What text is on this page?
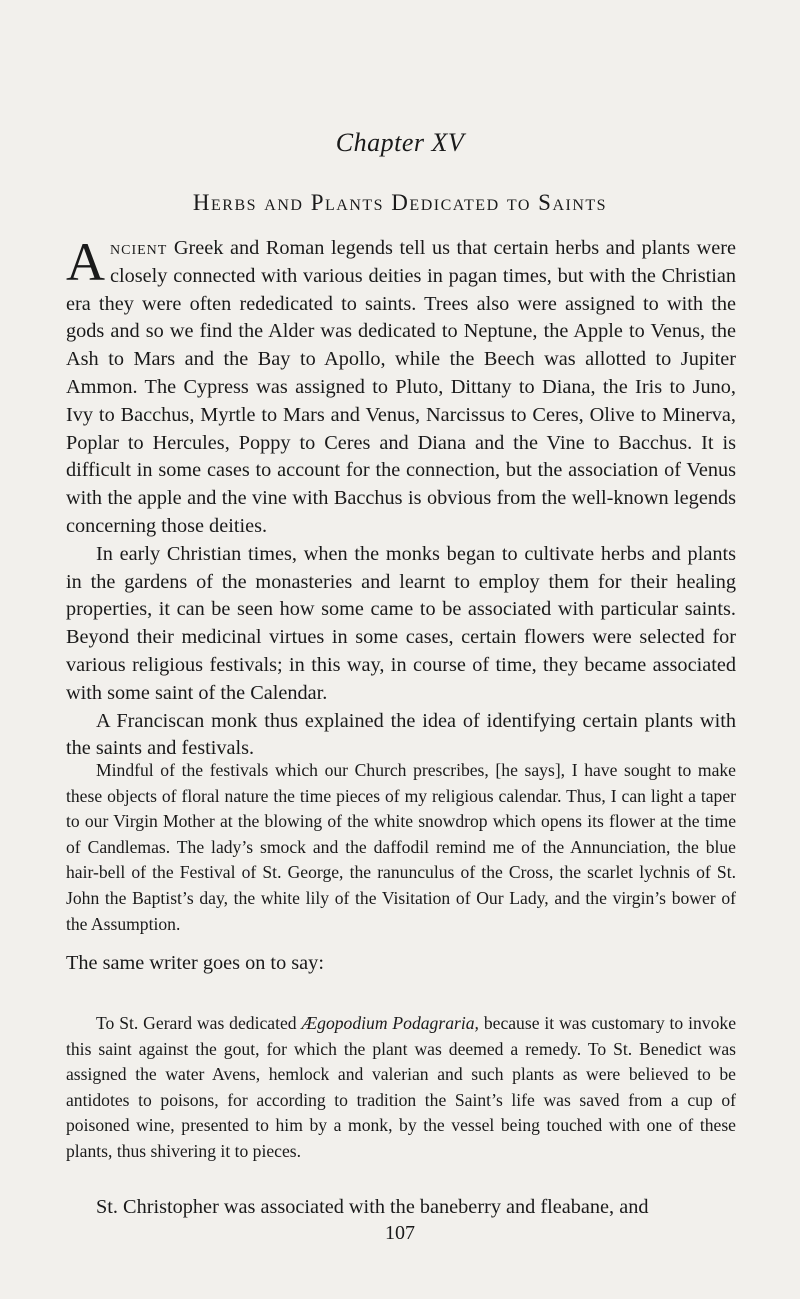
Chapter XV
Herbs and Plants Dedicated to Saints

Ancient Greek and Roman legends tell us that certain herbs and plants were closely connected with various deities in pagan times, but with the Christian era they were often rededicated to saints. Trees also were assigned to with the gods and so we find the Alder was dedicated to Neptune, the Apple to Venus, the Ash to Mars and the Bay to Apollo, while the Beech was allotted to Jupiter Ammon. The Cypress was assigned to Pluto, Dittany to Diana, the Iris to Juno, Ivy to Bacchus, Myrtle to Mars and Venus, Narcissus to Ceres, Olive to Minerva, Poplar to Hercules, Poppy to Ceres and Diana and the Vine to Bacchus. It is difficult in some cases to account for the connection, but the association of Venus with the apple and the vine with Bacchus is obvious from the well-known legends concerning those deities.

In early Christian times, when the monks began to cultivate herbs and plants in the gardens of the monasteries and learnt to employ them for their healing properties, it can be seen how some came to be associated with particular saints. Beyond their medicinal virtues in some cases, certain flowers were selected for various religious festivals; in this way, in course of time, they became associated with some saint of the Calendar.

A Franciscan monk thus explained the idea of identifying certain plants with the saints and festivals.

Mindful of the festivals which our Church prescribes, [he says], I have sought to make these objects of floral nature the time pieces of my religious calendar. Thus, I can light a taper to our Virgin Mother at the blowing of the white snowdrop which opens its flower at the time of Candlemas. The lady’s smock and the daffodil remind me of the Annunciation, the blue hair-bell of the Festival of St. George, the ranunculus of the Cross, the scarlet lychnis of St. John the Baptist’s day, the white lily of the Visitation of Our Lady, and the virgin’s bower of the Assumption.

The same writer goes on to say:

To St. Gerard was dedicated Ægopodium Podagraria, because it was customary to invoke this saint against the gout, for which the plant was deemed a remedy. To St. Benedict was assigned the water Avens, hemlock and valerian and such plants as were believed to be antidotes to poisons, for according to tradition the Saint’s life was saved from a cup of poisoned wine, presented to him by a monk, by the vessel being touched with one of these plants, thus shivering it to pieces.

St. Christopher was associated with the baneberry and fleabane, and
107
